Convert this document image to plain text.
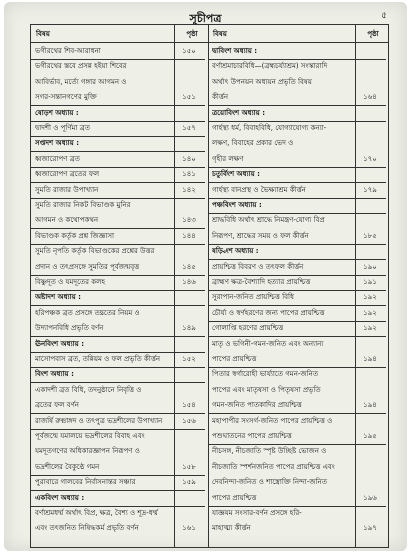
৫
সূচীপত্র
বিষয়	পৃষ্ঠা	বিষয়	পৃষ্ঠা
ভগীরথের শিব-আরাধনা	১৫০
ভগীরথের স্তবে প্রসন্ন হইয়া শিবের
আবির্ভাব, মর্ত্যে গঙ্গার আগমন ও
সগর-সন্তানগণের মুক্তি	১৫১
ষোড়শ অধ্যায় :
দ্বাদশী ও পূর্ণিমা ব্রত	১৫৭
সপ্তদশ অধ্যায় :
ধ্বজারোপণ ব্রত	১৪০
ধ্বজারোপণ ব্রতের ফল	১৪১
সুমতি রাজার উপাখ্যান	১৪২
সুমতি রাজার নিকট বিভাণ্ডক মুনির
আগমন ও কথোপকথন	১৪৩
বিভাণ্ডক কর্তৃক প্রশ্ন জিজ্ঞাসা	১৪৪
সুমতি নৃপতি কর্তৃক বিভাণ্ডকের প্রশ্নের উত্তর
প্রদান ও তৎপ্রসঙ্গে সুমতির পূর্বজন্মবৃত্ত	১৪৫
বিষ্ণুদূত ও যমদূতের কলহ	১৪৬
অষ্টাদশ অধ্যায় :
হরিপঞ্চক ব্রত প্রসঙ্গে তদ্ব্রতের নিয়ম ও
উদ্যাপনবিধি প্রভৃতি বর্ণন	১৪৯
ঊনবিংশ অধ্যায় :
মাসোপবাস ব্রত, তন্নিয়ম ও ফল প্রভৃতি কীর্ত্তন	১৫২
বিংশ অধ্যায় :
একাদশী ব্রত বিধি, তদনুষ্ঠানে নিবৃত্তি ও
ব্রতের ফল বর্ণন	১৫৪
রাজর্ষি রুক্মাঙ্গদ ও তৎপুত্র ভদ্রশীলের উপাখ্যান	১৫৬
পূর্বজন্মে যমালয়ে ভদ্রশীলের বিবাহ এবং
যমদূতগণের অধিকারজ্ঞাপন নিরূপণ ও
ভদ্রশীলের বৈকুণ্ঠে গমন	১৫৮
পুরাবারে গালবের নির্বাসনান্তর সঞ্চার	১৫৯
একবিংশ অধ্যায় :
বর্ণাশ্রমধর্ম্ম অর্থাৎ বিপ্র, ক্ষত্র, বৈশ্য ও শূদ্র-ধর্ম্ম
এবং তৎজনিত নিষিদ্ধকর্ম প্রভৃতি বর্ণন	১৬১
দ্বাবিংশ অধ্যায় :
বর্ণাশ্রমাচারবিধি—(ব্রহ্মচর্য্যাশ্রম) সংস্কারাদি
অর্থাৎ উপনয়ন অধ্যয়ন প্রভৃতি বিষয়
কীর্ত্তন	১৬৪
ত্রয়োবিংশ অধ্যায় :
গার্হস্থ্য ধর্ম, বিবাহবিধি, যোগ্যাযোগ্য কন্যা-
লক্ষণ, বিবাহের প্রকার ভেদ ও
গৃহীর লক্ষণ	১৭০
চতুর্বিংশ অধ্যায় :
গার্হস্থ্য বানপ্রস্থ ও ভৈক্ষ্যাশ্রম কীর্ত্তন	১৭৯
পঞ্চবিংশ অধ্যায় :
শ্রাদ্ধবিধি অর্থাৎ শ্রাদ্ধে নিমন্ত্রণ-যোগ্য বিপ্র
নিরূপণ, শ্রাদ্ধের সময় ও ফল কীর্ত্তন	১৮৫
ষড়্বিংশ অধ্যায় :
প্রায়শ্চিত্ত বিবরণ ও তৎফল কীর্ত্তন	১৯০
ব্রাহ্মণ ক্ষত্র-বৈশ্যাদি হত্যার প্রায়শ্চিত্ত	১৯১
সুরাপান-জনিত প্রায়শ্চিত্ত বিধি	১৯২
চৌর্য্য ও স্বর্ণহরণের জন্য পাপের প্রায়শ্চিত্ত	১৯২
গোলাপ্তি হরণের প্রায়শ্চিত্ত	১৯২
মাতৃ ও ভগিনী-গমন-জনিত এবং অন্যান্য
পাপের প্রায়শ্চিত্ত	১৯৪
পিতার স্বর্গারোহী ভার্য্যাতে গমন-জনিত
পাপের এবং মাতৃষসা ও পিতৃষসা প্রভৃতি
গমন-জনিত পাতকাদির প্রায়শ্চিত্ত	১৯৪
মহাপাপীর সংসর্গ-জনিত পাপের প্রায়শ্চিত্ত ও
পশুঘাতনের পাপের প্রায়শ্চিত্ত	১৯৫
নীচসঙ্গ, নীচজাতি স্পৃষ্ট উচ্ছিষ্ট ভোজন ও
নীচজাতি স্পর্শনজনিত পাপের প্রায়শ্চিত্ত এবং
দেবনিন্দা-জনিত ও শাস্ত্রোক্তি নিন্দা-জনিত
পাপের প্রায়শ্চিত্ত	১৯৬
যাজ্ঞযম সংসার-বর্ণন প্রসঙ্গে হরি-
মাহাত্ম্য কীর্ত্তন	১৯৭
